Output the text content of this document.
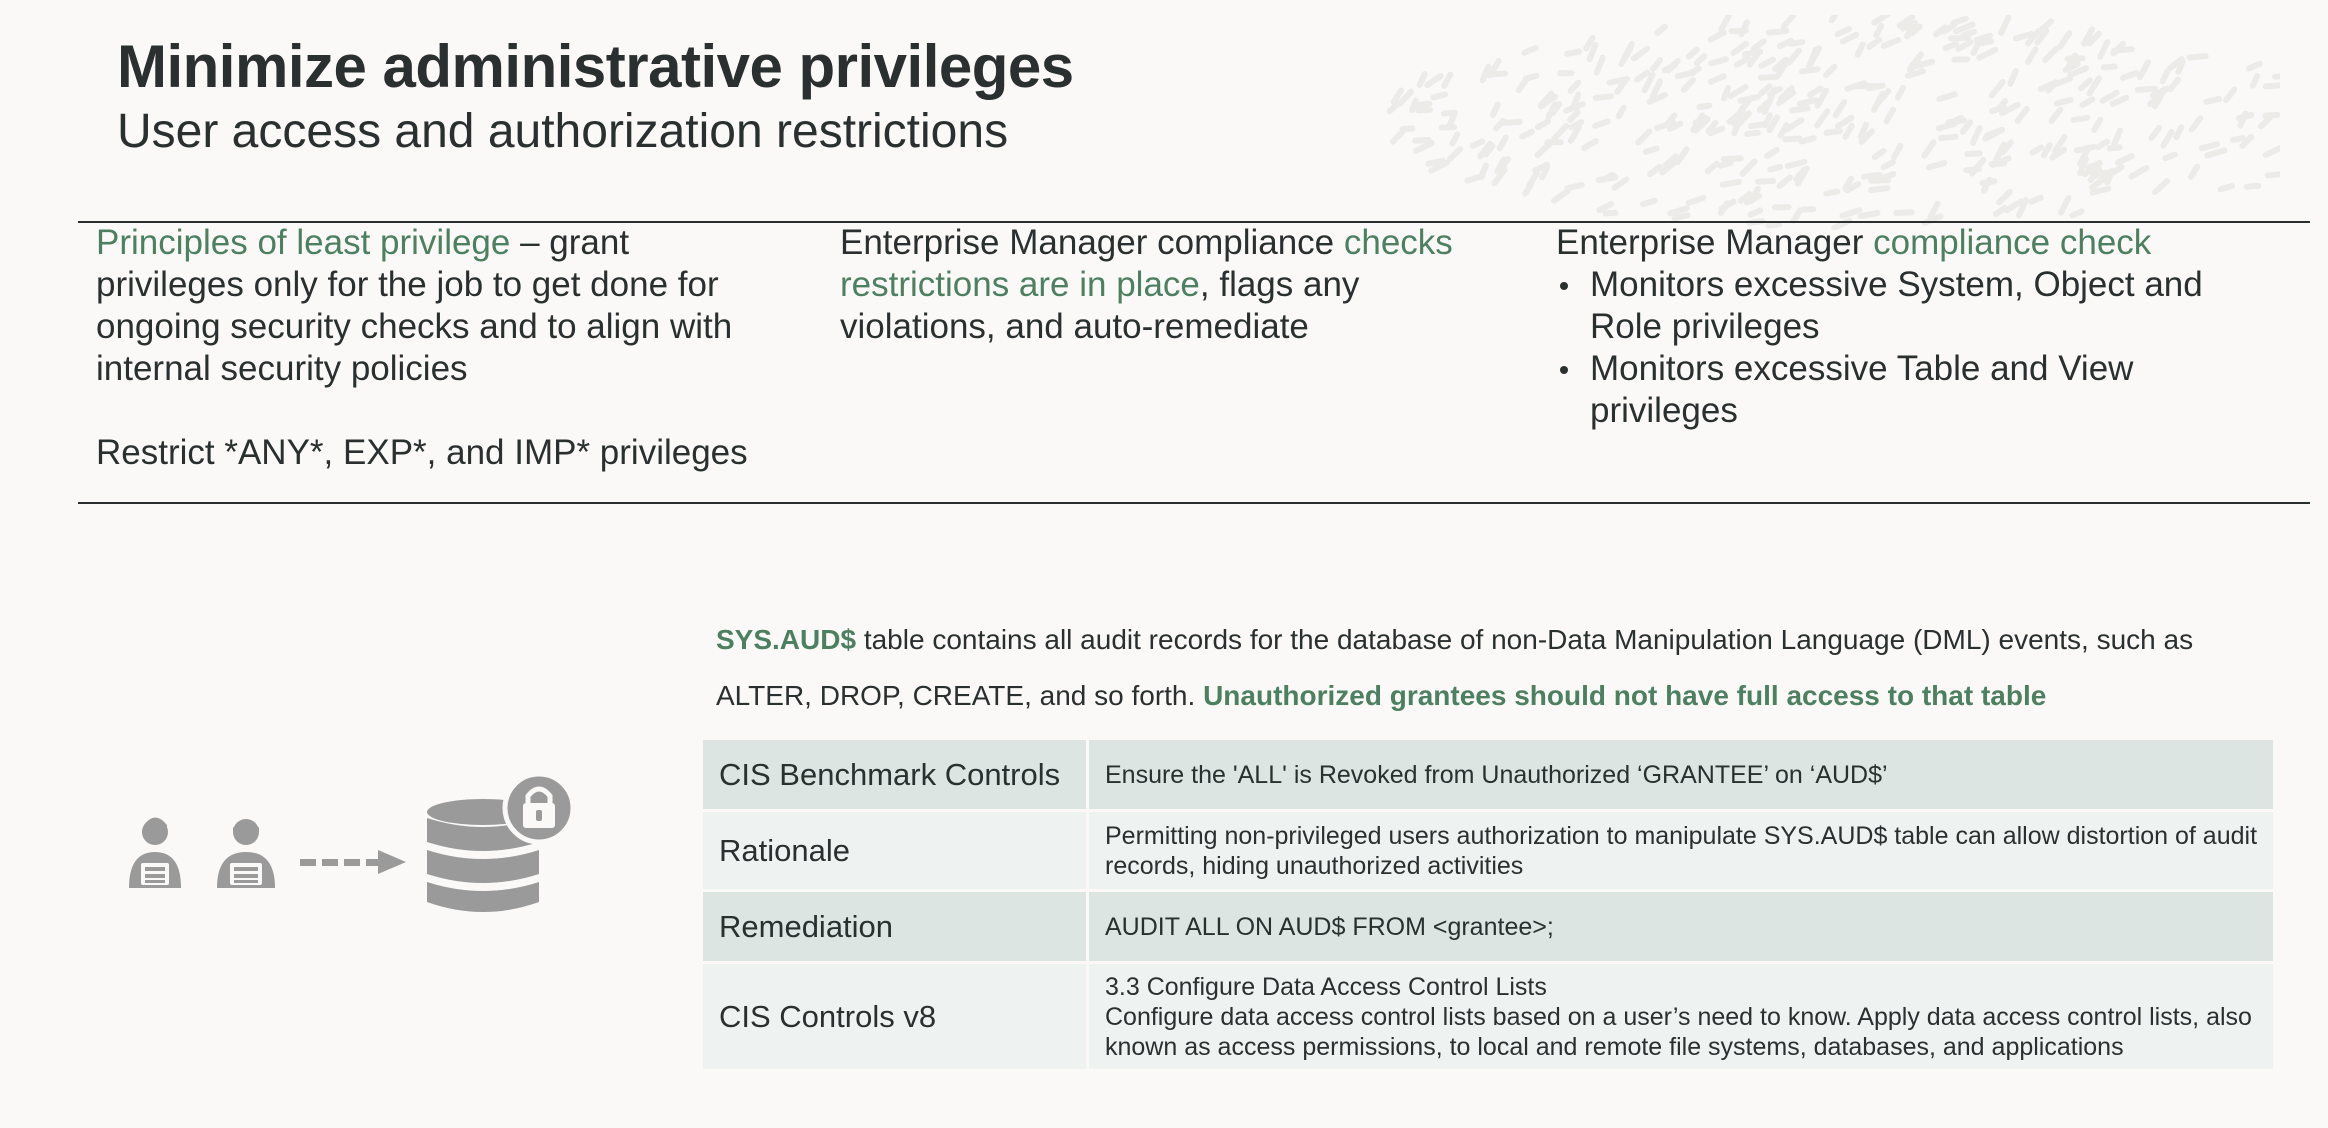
Minimize administrative privileges
User access and authorization restrictions

Principles of least privilege – grant privileges only for the job to get done for ongoing security checks and to align with internal security policies

Restrict *ANY*, EXP*, and IMP* privileges

Enterprise Manager compliance checks restrictions are in place, flags any violations, and auto-remediate

Enterprise Manager compliance check

Monitors excessive System, Object and Role privileges
Monitors excessive Table and View privileges
SYS.AUD$ table contains all audit records for the database of non-Data Manipulation Language (DML) events, such as ALTER, DROP, CREATE, and so forth. Unauthorized grantees should not have full access to that table
CIS Benchmark Controls	Ensure the 'ALL' is Revoked from Unauthorized ‘GRANTEE’ on ‘AUD$’
Rationale	Permitting non-privileged users authorization to manipulate SYS.AUD$ table can allow distortion of audit records, hiding unauthorized activities
Remediation	AUDIT ALL ON AUD$ FROM <grantee>;
CIS Controls v8	3.3 Configure Data Access Control Lists
Configure data access control lists based on a user’s need to know. Apply data access control lists, also known as access permissions, to local and remote file systems, databases, and applications
